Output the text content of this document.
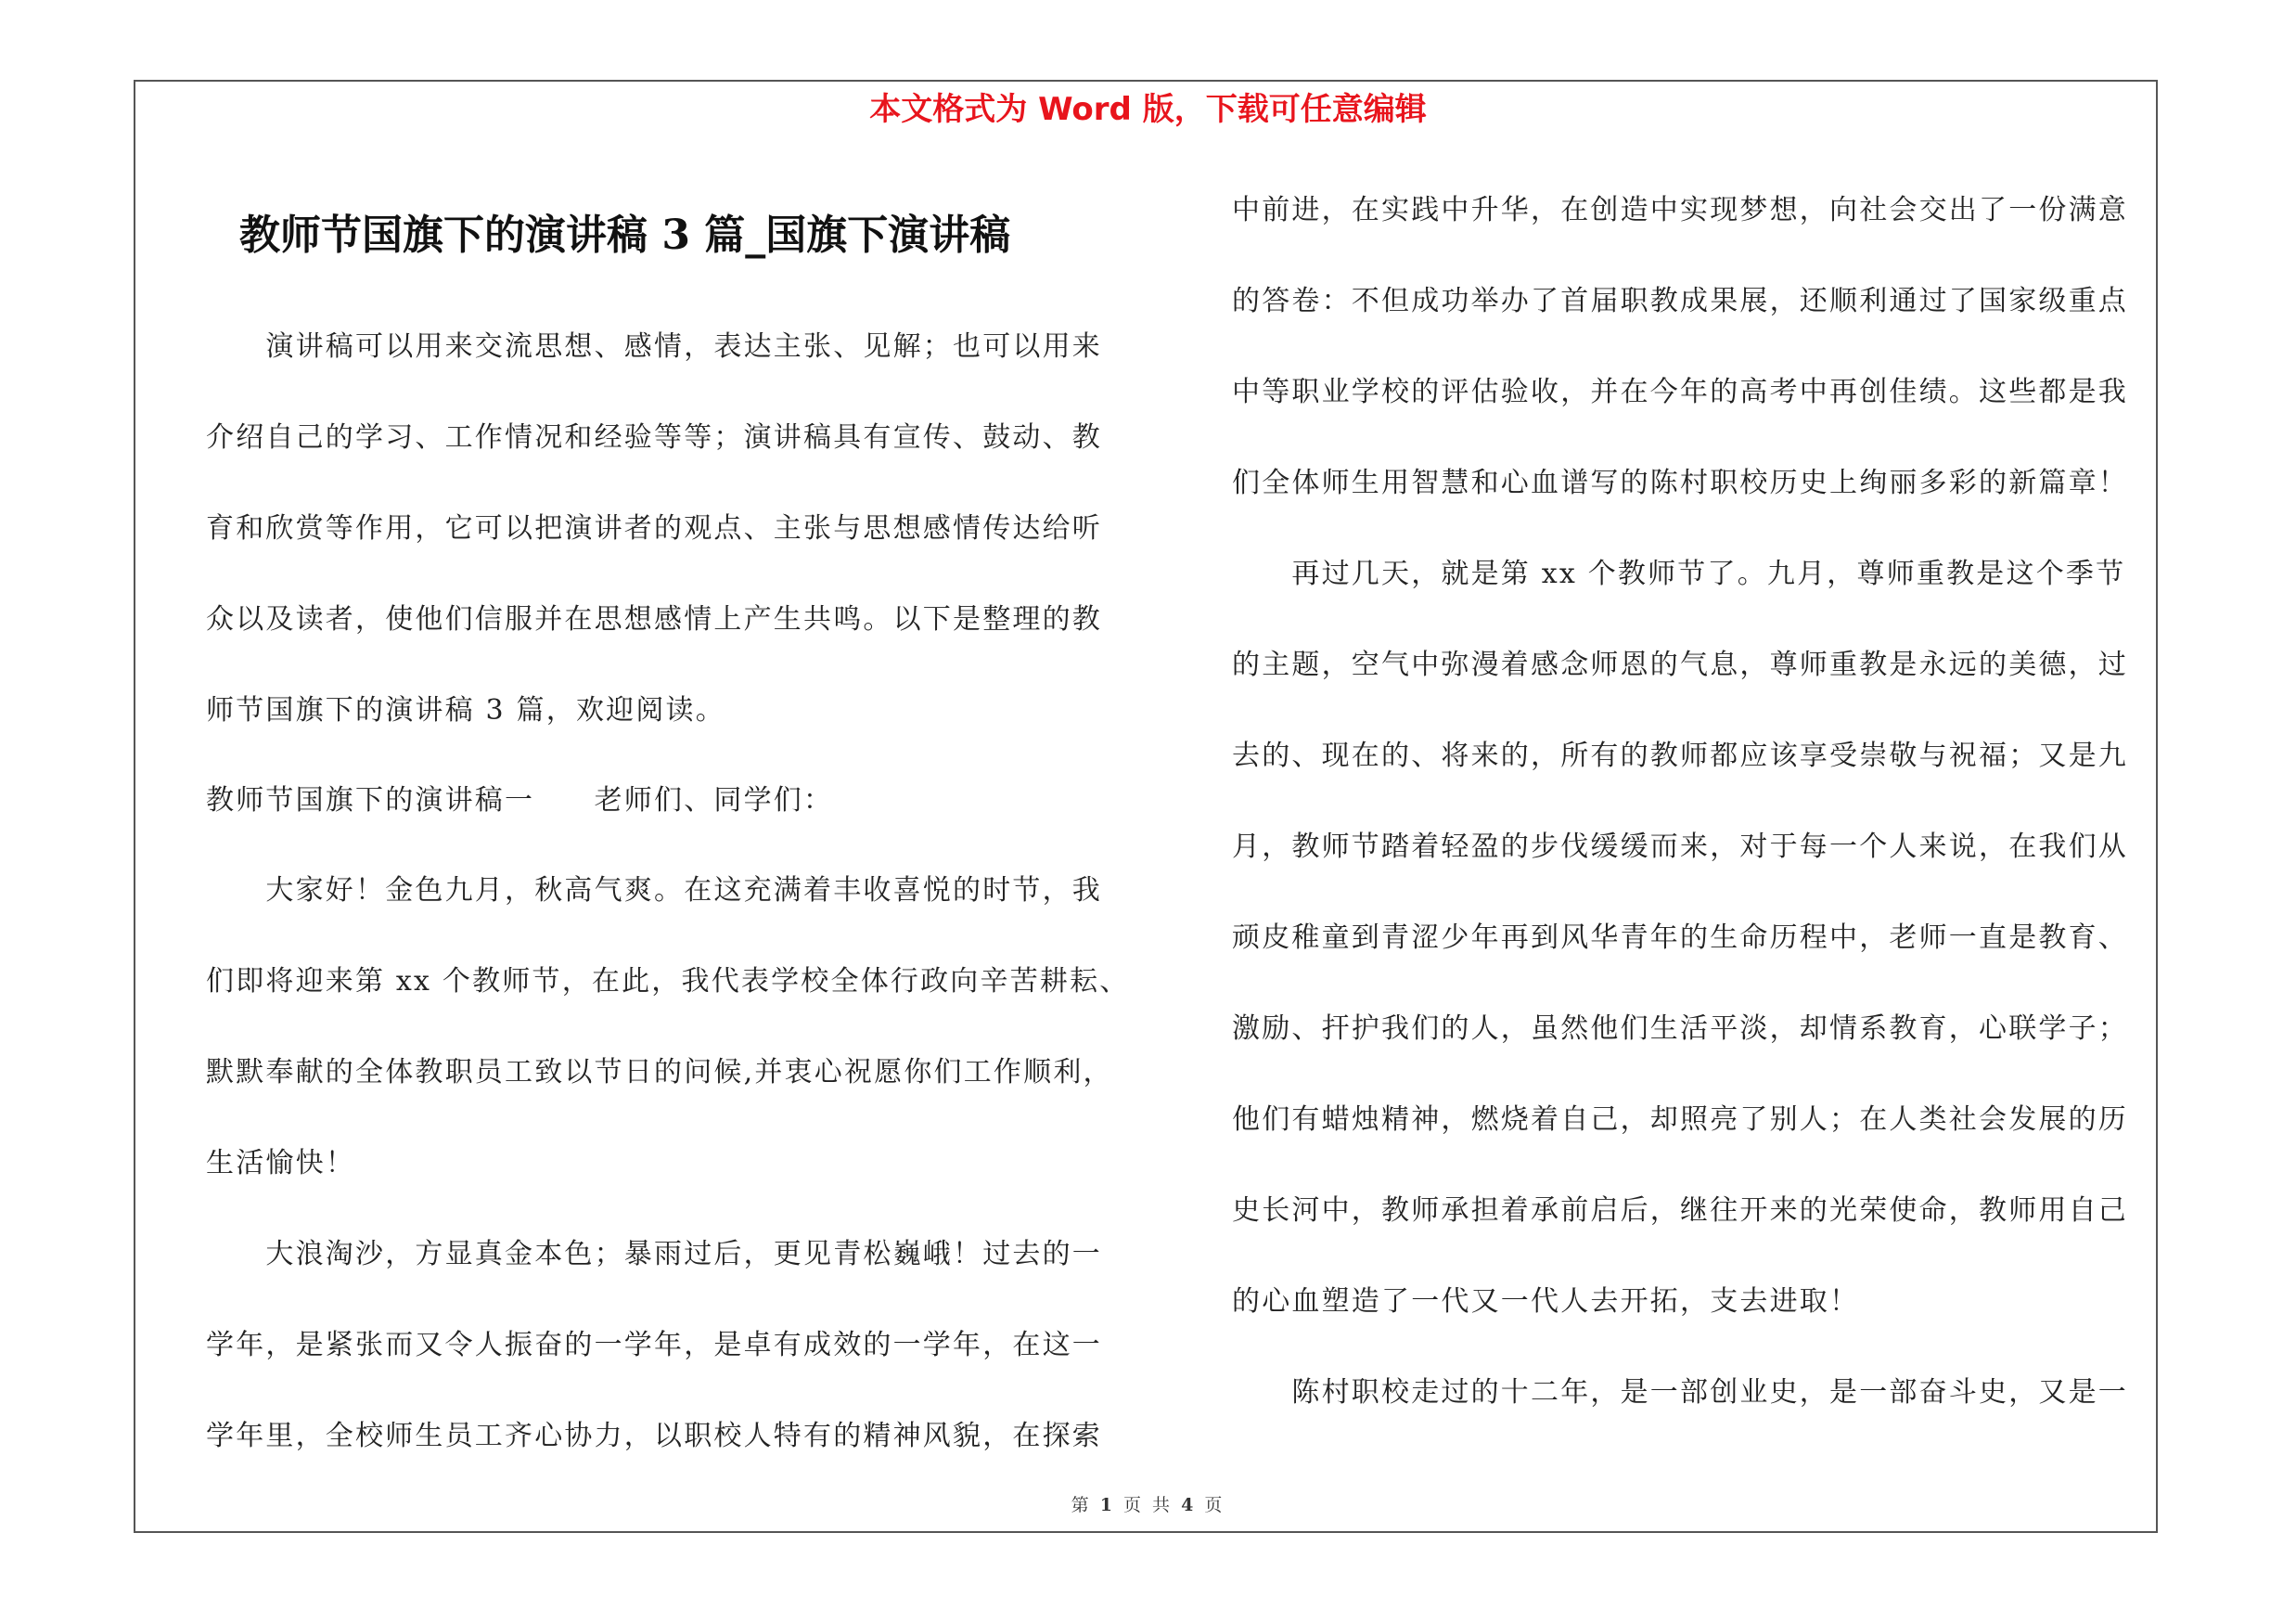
本文格式为 Word 版，下载可任意编辑
教师节国旗下的演讲稿 3 篇_国旗下演讲稿
　　演讲稿可以用来交流思想、感情，表达主张、见解；也可以用来
介绍自己的学习、工作情况和经验等等；演讲稿具有宣传、鼓动、教
育和欣赏等作用，它可以把演讲者的观点、主张与思想感情传达给听
众以及读者，使他们信服并在思想感情上产生共鸣。以下是整理的教
师节国旗下的演讲稿 3 篇，欢迎阅读。
教师节国旗下的演讲稿一　　老师们、同学们：
　　大家好！金色九月，秋高气爽。在这充满着丰收喜悦的时节，我
们即将迎来第 xx 个教师节，在此，我代表学校全体行政向辛苦耕耘、
默默奉献的全体教职员工致以节日的问候,并衷心祝愿你们工作顺利，
生活愉快！
　　大浪淘沙，方显真金本色；暴雨过后，更见青松巍峨！过去的一
学年，是紧张而又令人振奋的一学年，是卓有成效的一学年，在这一
学年里，全校师生员工齐心协力，以职校人特有的精神风貌，在探索
中前进，在实践中升华，在创造中实现梦想，向社会交出了一份满意
的答卷：不但成功举办了首届职教成果展，还顺利通过了国家级重点
中等职业学校的评估验收，并在今年的高考中再创佳绩。这些都是我
们全体师生用智慧和心血谱写的陈村职校历史上绚丽多彩的新篇章！
　　再过几天，就是第 xx 个教师节了。九月，尊师重教是这个季节
的主题，空气中弥漫着感念师恩的气息，尊师重教是永远的美德，过
去的、现在的、将来的，所有的教师都应该享受崇敬与祝福；又是九
月，教师节踏着轻盈的步伐缓缓而来，对于每一个人来说，在我们从
顽皮稚童到青涩少年再到风华青年的生命历程中，老师一直是教育、
激励、扞护我们的人，虽然他们生活平淡，却情系教育，心联学子；
他们有蜡烛精神，燃烧着自己，却照亮了别人；在人类社会发展的历
史长河中，教师承担着承前启后，继往开来的光荣使命，教师用自己
的心血塑造了一代又一代人去开拓，支去进取！
　　陈村职校走过的十二年，是一部创业史，是一部奋斗史，又是一
第 1 页 共 4 页
